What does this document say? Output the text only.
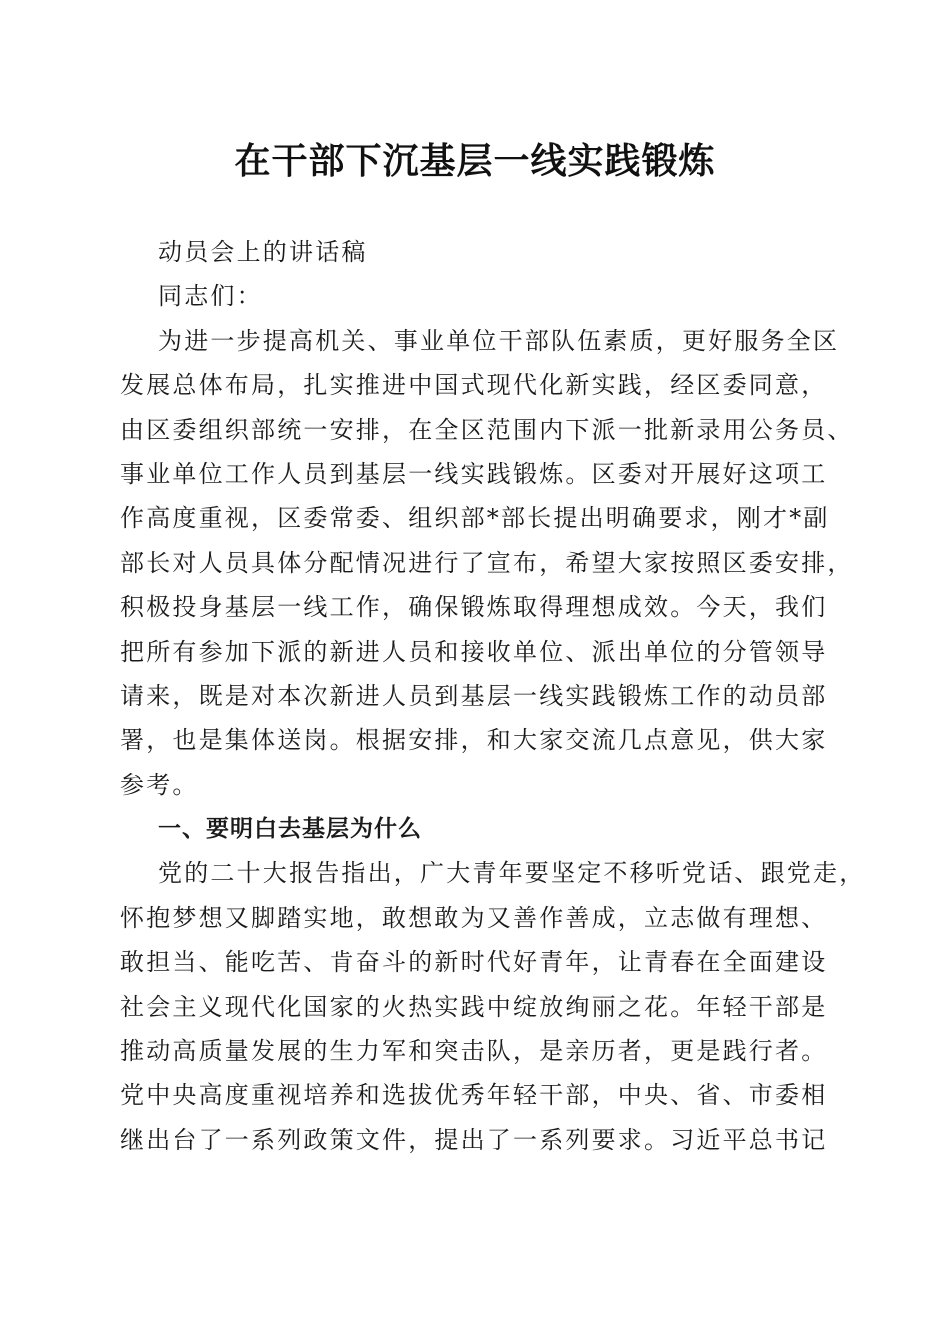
在干部下沉基层一线实践锻炼
动员会上的讲话稿
同志们：
为进一步提高机关、事业单位干部队伍素质，更好服务全区
发展总体布局，扎实推进中国式现代化新实践，经区委同意，
由区委组织部统一安排，在全区范围内下派一批新录用公务员、
事业单位工作人员到基层一线实践锻炼。区委对开展好这项工
作高度重视，区委常委、组织部*部长提出明确要求，刚才*副
部长对人员具体分配情况进行了宣布，希望大家按照区委安排，
积极投身基层一线工作，确保锻炼取得理想成效。今天，我们
把所有参加下派的新进人员和接收单位、派出单位的分管领导
请来，既是对本次新进人员到基层一线实践锻炼工作的动员部
署，也是集体送岗。根据安排，和大家交流几点意见，供大家
参考。
一、要明白去基层为什么
党的二十大报告指出，广大青年要坚定不移听党话、跟党走，
怀抱梦想又脚踏实地，敢想敢为又善作善成，立志做有理想、
敢担当、能吃苦、肯奋斗的新时代好青年，让青春在全面建设
社会主义现代化国家的火热实践中绽放绚丽之花。年轻干部是
推动高质量发展的生力军和突击队，是亲历者，更是践行者。
党中央高度重视培养和选拔优秀年轻干部，中央、省、市委相
继出台了一系列政策文件，提出了一系列要求。习近平总书记
